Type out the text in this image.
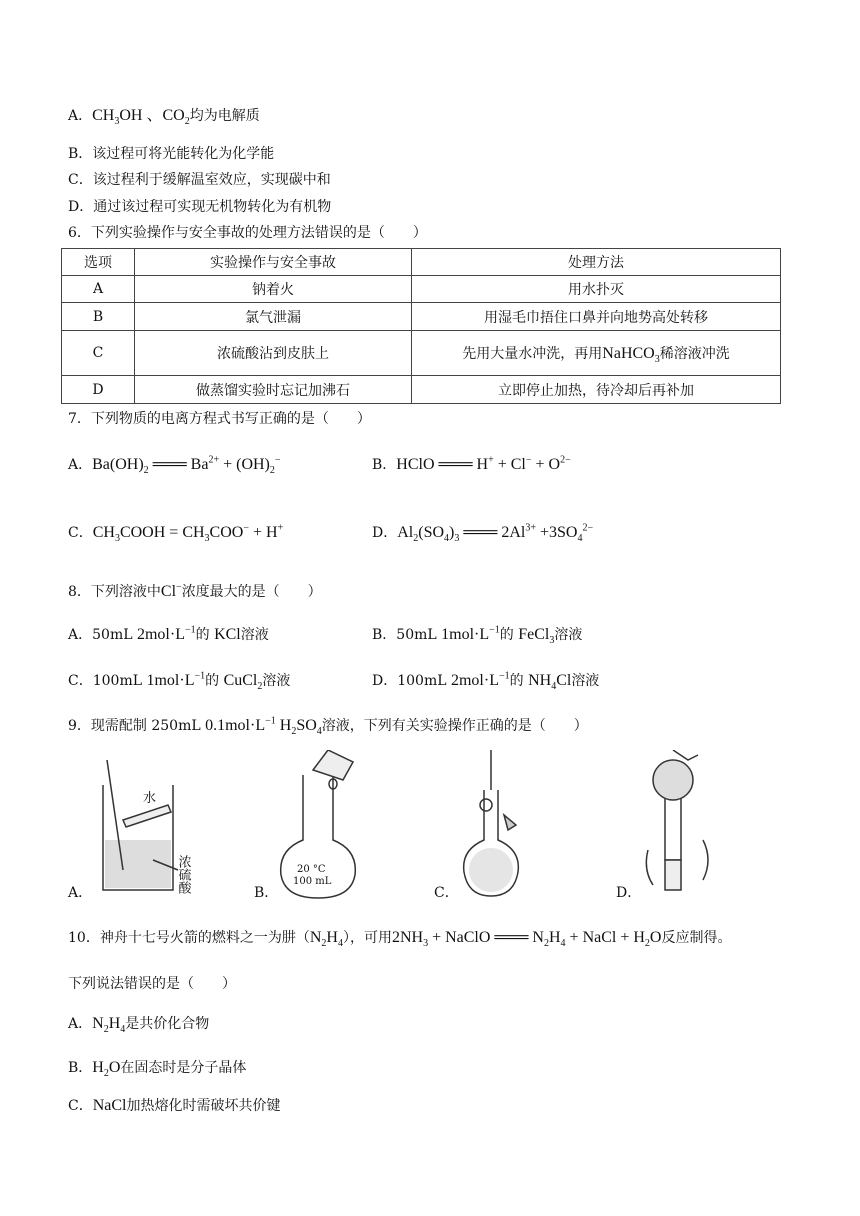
A．$CH_3OH$ 、$CO_2$均为电解质
B．该过程可将光能转化为化学能
C．该过程利于缓解温室效应，实现碳中和
D．通过该过程可实现无机物转化为有机物
6．下列实验操作与安全事故的处理方法错误的是（　　）
选项	实验操作与安全事故	处理方法
A	钠着火	用水扑灭
B	氯气泄漏	用湿毛巾捂住口鼻并向地势高处转移
C	浓硫酸沾到皮肤上	先用大量水冲洗，再用NaHCO$_3$稀溶液冲洗
D	做蒸馏实验时忘记加沸石	立即停止加热，待冷却后再补加
7．下列物质的电离方程式书写正确的是（　　）
A．$Ba(OH)_2$ ═══ $Ba^{2+} + (OH)_2^-$	B．HClO ═══ $H^+ + Cl^- + O^{2-}$
C．$CH_3COOH = CH_3COO^- + H^+$	D．$Al_2(SO_4)_3$ ═══ $2Al^{3+} +3SO_4^{2-}$
8．下列溶液中Cl−浓度最大的是（　　）
A．50mL $2mol\cdot L^{-1}$的 KCl溶液	B．50mL $1mol\cdot L^{-1}$的 FeCl$_3$溶液
C．100mL $1mol\cdot L^{-1}$的 CuCl$_2$溶液	D．100mL $2mol\cdot L^{-1}$的 $NH_4Cl$溶液
9．现需配制 250mL $0.1mol\cdot L^{-1}$ $H_2SO_4$溶液，下列有关实验操作正确的是（　　）
A．
水
浓硫酸	B．
20 °C
100 mL
C．	D．
10．神舟十七号火箭的燃料之一为肼$(N_2H_4)$，可用$2NH_3$ + NaClO ═══ $N_2H_4$ + NaCl + $H_2O$反应制得。
下列说法错误的是（　　）
A．$N_2H_4$是共价化合物
B．$H_2O$在固态时是分子晶体
C．NaCl加热熔化时需破坏共价键
